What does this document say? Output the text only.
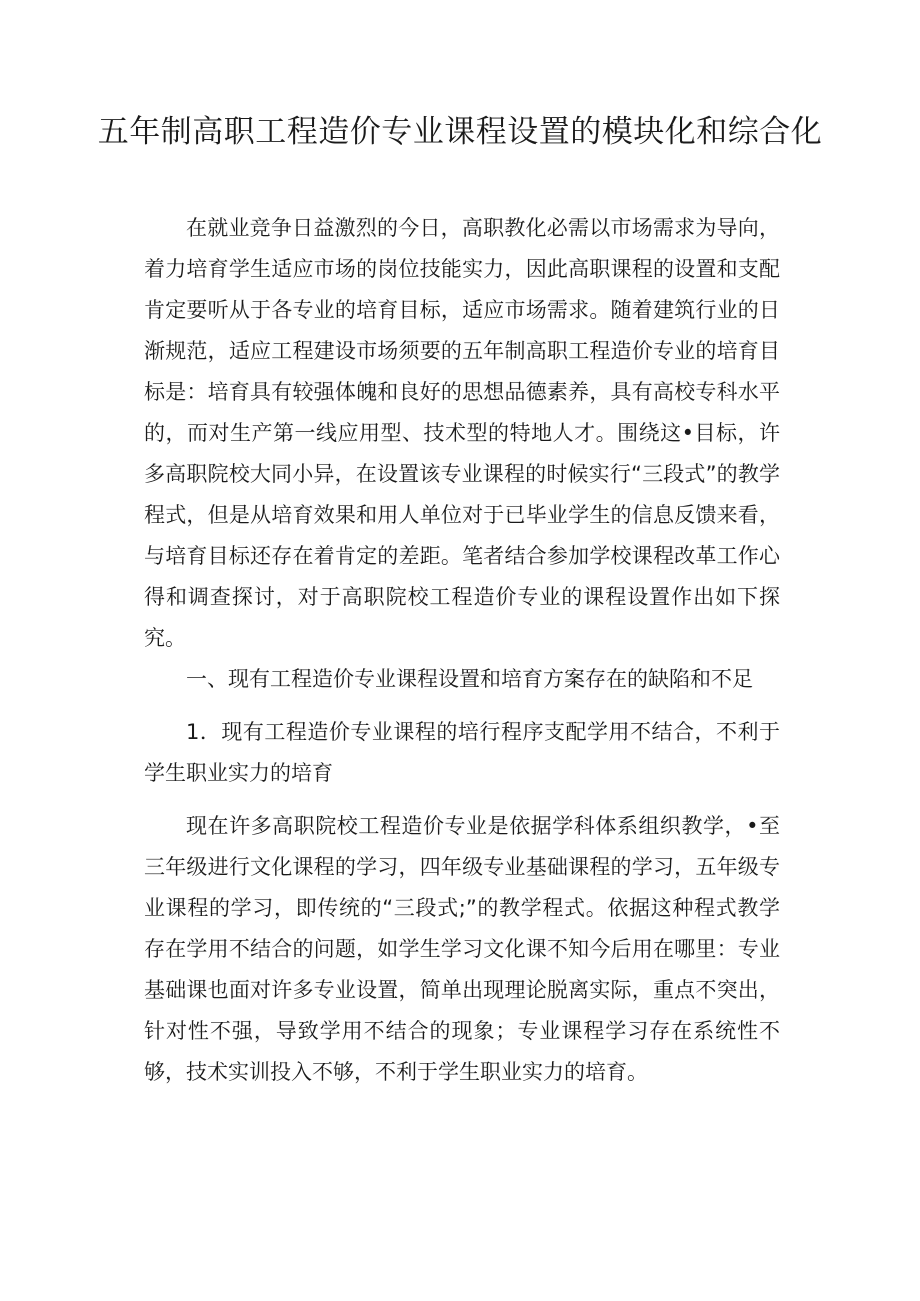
五年制高职工程造价专业课程设置的模块化和综合化

在就业竞争日益激烈的今日，高职教化必需以市场需求为导向，着力培育学生适应市场的岗位技能实力，因此高职课程的设置和支配肯定要听从于各专业的培育目标，适应市场需求。随着建筑行业的日渐规范，适应工程建设市场须要的五年制高职工程造价专业的培育目标是：培育具有较强体魄和良好的思想品德素养，具有高校专科水平的，而对生产第一线应用型、技术型的特地人才。围绕这•目标，许多高职院校大同小异，在设置该专业课程的时候实行“三段式”的教学程式，但是从培育效果和用人单位对于已毕业学生的信息反馈来看，与培育目标还存在着肯定的差距。笔者结合参加学校课程改革工作心得和调查探讨，对于高职院校工程造价专业的课程设置作出如下探究。

一、现有工程造价专业课程设置和培育方案存在的缺陷和不足

1．现有工程造价专业课程的培行程序支配学用不结合，不利于学生职业实力的培育

现在许多高职院校工程造价专业是依据学科体系组织教学，•至三年级进行文化课程的学习，四年级专业基础课程的学习，五年级专业课程的学习，即传统的“三段式;”的教学程式。依据这种程式教学存在学用不结合的问题，如学生学习文化课不知今后用在哪里：专业基础课也面对许多专业设置，简单出现理论脱离实际，重点不突出，针对性不强，导致学用不结合的现象；专业课程学习存在系统性不够，技术实训投入不够，不利于学生职业实力的培育。
